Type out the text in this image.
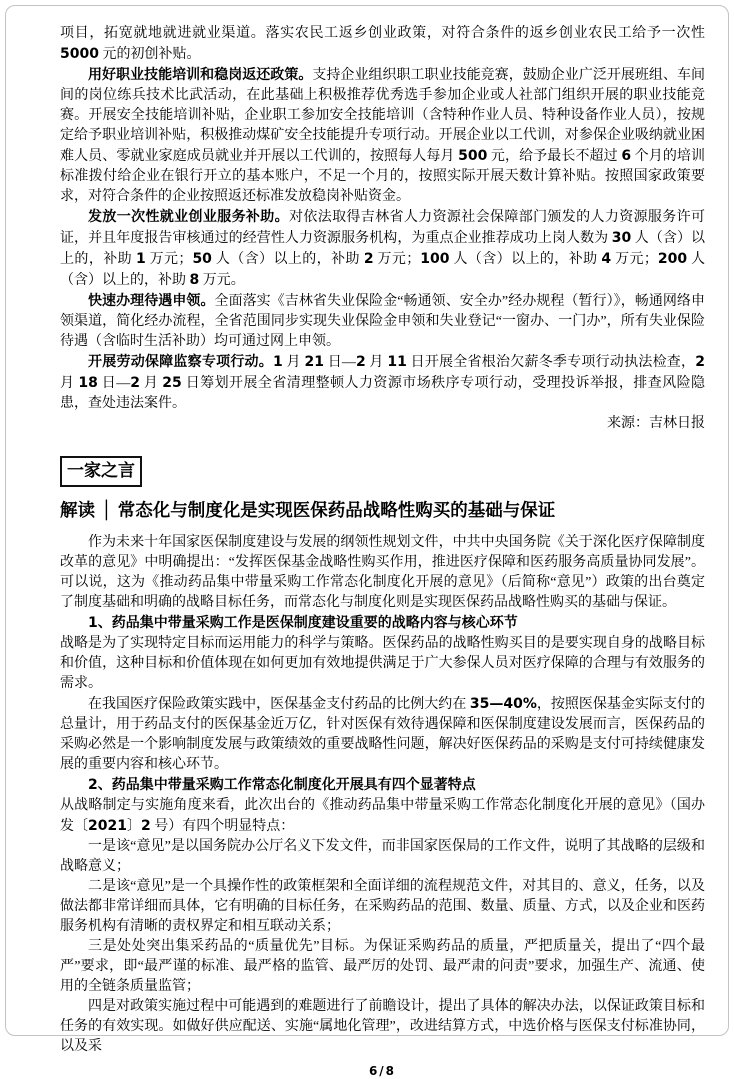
项目，拓宽就地就进就业渠道。落实农民工返乡创业政策，对符合条件的返乡创业农民工给予一次性 5000 元的初创补贴。
用好职业技能培训和稳岗返还政策。支持企业组织职工职业技能竞赛，鼓励企业广泛开展班组、车间间的岗位练兵技术比武活动，在此基础上积极推荐优秀选手参加企业或人社部门组织开展的职业技能竞赛。开展安全技能培训补贴，企业职工参加安全技能培训（含特种作业人员、特种设备作业人员），按规定给予职业培训补贴，积极推动煤矿安全技能提升专项行动。开展企业以工代训，对参保企业吸纳就业困难人员、零就业家庭成员就业并开展以工代训的，按照每人每月 500 元，给予最长不超过 6 个月的培训标准拨付给企业在银行开立的基本账户，不足一个月的，按照实际开展天数计算补贴。按照国家政策要求，对符合条件的企业按照返还标准发放稳岗补贴资金。
发放一次性就业创业服务补助。对依法取得吉林省人力资源社会保障部门颁发的人力资源服务许可证，并且年度报告审核通过的经营性人力资源服务机构，为重点企业推荐成功上岗人数为 30 人（含）以上的，补助 1 万元；50 人（含）以上的，补助 2 万元；100 人（含）以上的，补助 4 万元；200 人（含）以上的，补助 8 万元。
快速办理待遇申领。全面落实《吉林省失业保险金“畅通领、安全办”经办规程（暂行）》，畅通网络申领渠道，简化经办流程，全省范围同步实现失业保险金申领和失业登记“一窗办、一门办”，所有失业保险待遇（含临时生活补助）均可通过网上申领。
开展劳动保障监察专项行动。1 月 21 日—2 月 11 日开展全省根治欠薪冬季专项行动执法检查，2 月 18 日—2 月 25 日筹划开展全省清理整顿人力资源市场秩序专项行动，受理投诉举报，排查风险隐患，查处违法案件。
来源：吉林日报
一家之言
解读 │ 常态化与制度化是实现医保药品战略性购买的基础与保证
作为未来十年国家医保制度建设与发展的纲领性规划文件，中共中央国务院《关于深化医疗保障制度改革的意见》中明确提出：“发挥医保基金战略性购买作用，推进医疗保障和医药服务高质量协同发展”。可以说，这为《推动药品集中带量采购工作常态化制度化开展的意见》（后简称“意见”）政策的出台奠定了制度基础和明确的战略目标任务，而常态化与制度化则是实现医保药品战略性购买的基础与保证。
1、药品集中带量采购工作是医保制度建设重要的战略内容与核心环节
战略是为了实现特定目标而运用能力的科学与策略。医保药品的战略性购买目的是要实现自身的战略目标和价值，这种目标和价值体现在如何更加有效地提供满足于广大参保人员对医疗保障的合理与有效服务的需求。
在我国医疗保险政策实践中，医保基金支付药品的比例大约在 35—40%，按照医保基金实际支付的总量计，用于药品支付的医保基金近万亿，针对医保有效待遇保障和医保制度建设发展而言，医保药品的采购必然是一个影响制度发展与政策绩效的重要战略性问题，解决好医保药品的采购是支付可持续健康发展的重要内容和核心环节。
2、药品集中带量采购工作常态化制度化开展具有四个显著特点
从战略制定与实施角度来看，此次出台的《推动药品集中带量采购工作常态化制度化开展的意见》（国办发〔2021〕2 号）有四个明显特点：
一是该“意见”是以国务院办公厅名义下发文件，而非国家医保局的工作文件，说明了其战略的层级和战略意义；
二是该“意见”是一个具操作性的政策框架和全面详细的流程规范文件，对其目的、意义，任务，以及做法都非常详细而具体，它有明确的目标任务，在采购药品的范围、数量、质量、方式，以及企业和医药服务机构有清晰的责权界定和相互联动关系；
三是处处突出集采药品的“质量优先”目标。为保证采购药品的质量，严把质量关，提出了“四个最严”要求，即“最严谨的标准、最严格的监管、最严厉的处罚、最严肃的问责”要求，加强生产、流通、使用的全链条质量监管；
四是对政策实施过程中可能遇到的难题进行了前瞻设计，提出了具体的解决办法，以保证政策目标和任务的有效实现。如做好供应配送、实施“属地化管理”，改进结算方式，中选价格与医保支付标准协同，以及采
6/8
